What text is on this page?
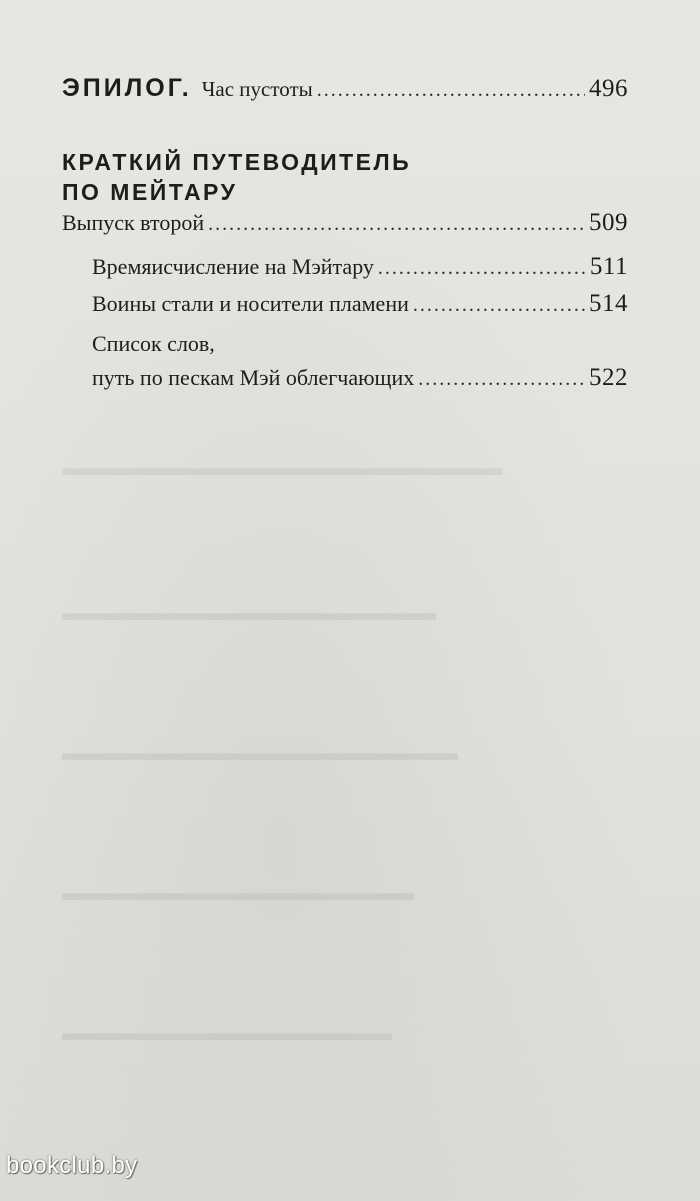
▬▬▬▬▬▬▬▬▬▬▬▬▬▬▬▬▬▬▬▬
▬▬▬▬▬▬▬▬▬▬▬▬▬▬▬▬▬
▬▬▬▬▬▬▬▬▬▬▬▬▬▬▬▬▬▬
▬▬▬▬▬▬▬▬▬▬▬▬▬▬▬▬
▬▬▬▬▬▬▬▬▬▬▬▬▬▬▬
ЭПИЛОГ. Час пустоты .....	496
КРАТКИЙ ПУТЕВОДИТЕЛЬ
ПО МЕЙТАРУ
Выпуск второй .....	509
Времяисчисление на Мэйтару .....	511
Воины стали и носители пламени .....	514
Список слов,
путь по пескам Мэй облегчающих .....	522
bookclub.by
